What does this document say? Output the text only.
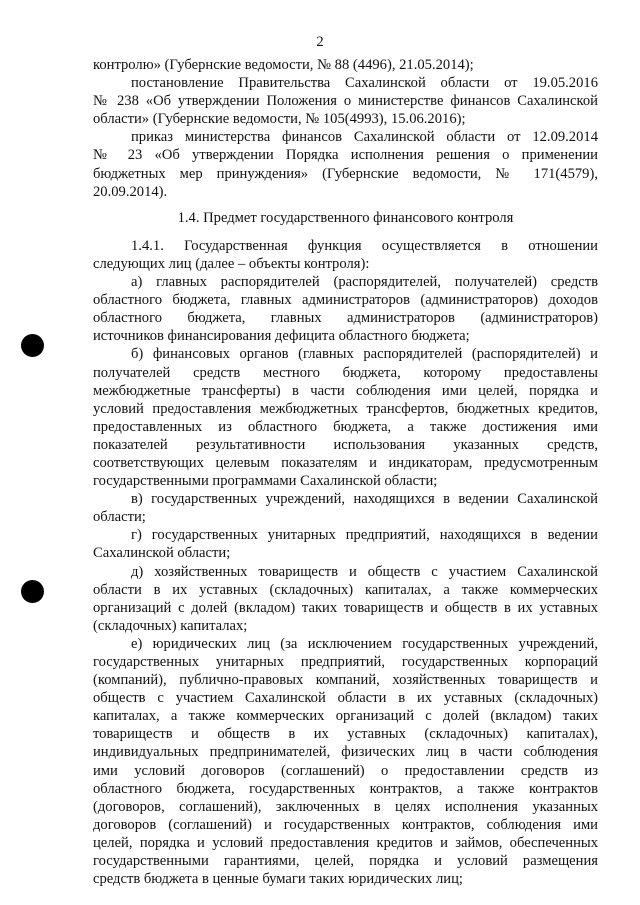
2
контролю» (Губернские ведомости, № 88 (4496), 21.05.2014);
постановление Правительства Сахалинской области от 19.05.2016
№ 238 «Об утверждении Положения о министерстве финансов Сахалинской
области» (Губернские ведомости, № 105(4993), 15.06.2016);
приказ министерства финансов Сахалинской области от 12.09.2014
№ 23 «Об утверждении Порядка исполнения решения о применении
бюджетных мер принуждения» (Губернские ведомости, № 171(4579),
20.09.2014).
1.4. Предмет государственного финансового контроля
1.4.1. Государственная функция осуществляется в отношении
следующих лиц (далее – объекты контроля):
а) главных распорядителей (распорядителей, получателей) средств
областного бюджета, главных администраторов (администраторов) доходов
областного бюджета, главных администраторов (администраторов)
источников финансирования дефицита областного бюджета;
б) финансовых органов (главных распорядителей (распорядителей) и
получателей средств местного бюджета, которому предоставлены
межбюджетные трансферты) в части соблюдения ими целей, порядка и
условий предоставления межбюджетных трансфертов, бюджетных кредитов,
предоставленных из областного бюджета, а также достижения ими
показателей результативности использования указанных средств,
соответствующих целевым показателям и индикаторам, предусмотренным
государственными программами Сахалинской области;
в) государственных учреждений, находящихся в ведении Сахалинской
области;
г) государственных унитарных предприятий, находящихся в ведении
Сахалинской области;
д) хозяйственных товариществ и обществ с участием Сахалинской
области в их уставных (складочных) капиталах, а также коммерческих
организаций с долей (вкладом) таких товариществ и обществ в их уставных
(складочных) капиталах;
е) юридических лиц (за исключением государственных учреждений,
государственных унитарных предприятий, государственных корпораций
(компаний), публично-правовых компаний, хозяйственных товариществ и
обществ с участием Сахалинской области в их уставных (складочных)
капиталах, а также коммерческих организаций с долей (вкладом) таких
товариществ и обществ в их уставных (складочных) капиталах),
индивидуальных предпринимателей, физических лиц в части соблюдения
ими условий договоров (соглашений) о предоставлении средств из
областного бюджета, государственных контрактов, а также контрактов
(договоров, соглашений), заключенных в целях исполнения указанных
договоров (соглашений) и государственных контрактов, соблюдения ими
целей, порядка и условий предоставления кредитов и займов, обеспеченных
государственными гарантиями, целей, порядка и условий размещения
средств бюджета в ценные бумаги таких юридических лиц;
